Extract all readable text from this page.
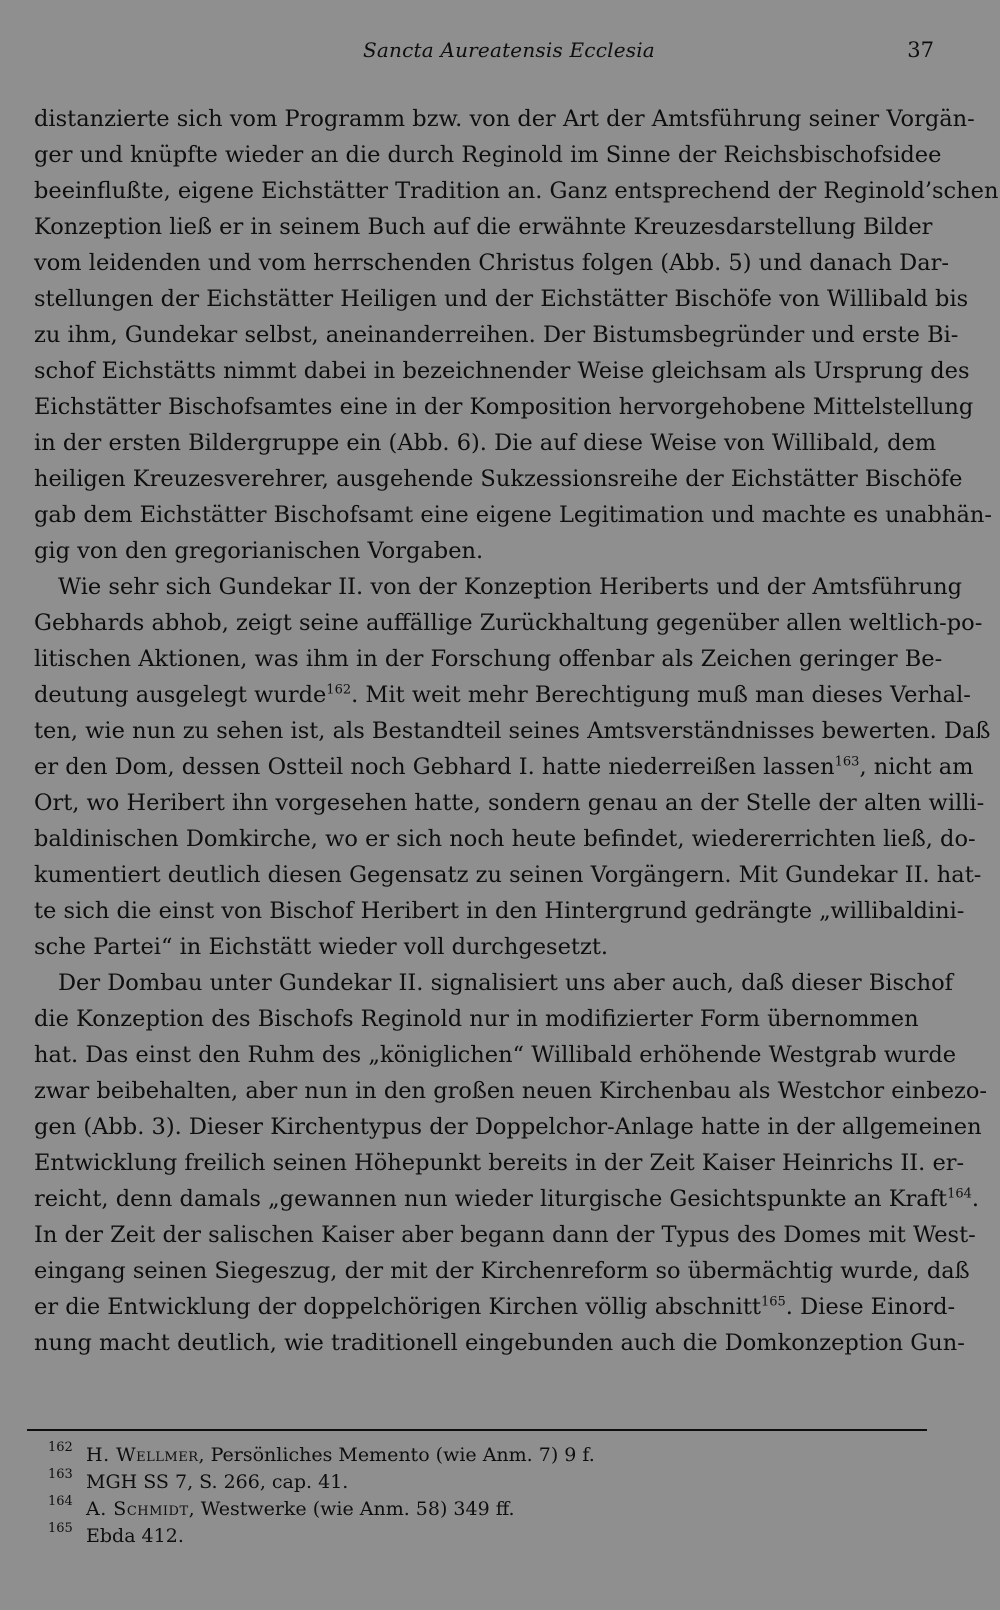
Sancta Aureatensis Ecclesia	37
distanzierte sich vom Programm bzw. von der Art der Amtsführung seiner Vorgän-
ger und knüpfte wieder an die durch Reginold im Sinne der Reichsbischofsidee
beeinflußte, eigene Eichstätter Tradition an. Ganz entsprechend der Reginold’schen
Konzeption ließ er in seinem Buch auf die erwähnte Kreuzesdarstellung Bilder
vom leidenden und vom herrschenden Christus folgen (Abb. 5) und danach Dar-
stellungen der Eichstätter Heiligen und der Eichstätter Bischöfe von Willibald bis
zu ihm, Gundekar selbst, aneinanderreihen. Der Bistumsbegründer und erste Bi-
schof Eichstätts nimmt dabei in bezeichnender Weise gleichsam als Ursprung des
Eichstätter Bischofsamtes eine in der Komposition hervorgehobene Mittelstellung
in der ersten Bildergruppe ein (Abb. 6). Die auf diese Weise von Willibald, dem
heiligen Kreuzesverehrer, ausgehende Sukzessionsreihe der Eichstätter Bischöfe
gab dem Eichstätter Bischofsamt eine eigene Legitimation und machte es unabhän-
gig von den gregorianischen Vorgaben.
Wie sehr sich Gundekar II. von der Konzeption Heriberts und der Amtsführung
Gebhards abhob, zeigt seine auffällige Zurückhaltung gegenüber allen weltlich-po-
litischen Aktionen, was ihm in der Forschung offenbar als Zeichen geringer Be-
deutung ausgelegt wurde$^{162}$. Mit weit mehr Berechtigung muß man dieses Verhal-
ten, wie nun zu sehen ist, als Bestandteil seines Amtsverständnisses bewerten. Daß
er den Dom, dessen Ostteil noch Gebhard I. hatte niederreißen lassen$^{163}$, nicht am
Ort, wo Heribert ihn vorgesehen hatte, sondern genau an der Stelle der alten willi-
baldinischen Domkirche, wo er sich noch heute befindet, wiedererrichten ließ, do-
kumentiert deutlich diesen Gegensatz zu seinen Vorgängern. Mit Gundekar II. hat-
te sich die einst von Bischof Heribert in den Hintergrund gedrängte „willibaldini-
sche Partei“ in Eichstätt wieder voll durchgesetzt.
Der Dombau unter Gundekar II. signalisiert uns aber auch, daß dieser Bischof
die Konzeption des Bischofs Reginold nur in modifizierter Form übernommen
hat. Das einst den Ruhm des „königlichen“ Willibald erhöhende Westgrab wurde
zwar beibehalten, aber nun in den großen neuen Kirchenbau als Westchor einbezo-
gen (Abb. 3). Dieser Kirchentypus der Doppelchor-Anlage hatte in der allgemeinen
Entwicklung freilich seinen Höhepunkt bereits in der Zeit Kaiser Heinrichs II. er-
reicht, denn damals „gewannen nun wieder liturgische Gesichtspunkte an Kraft$^{164}$.
In der Zeit der salischen Kaiser aber begann dann der Typus des Domes mit West-
eingang seinen Siegeszug, der mit der Kirchenreform so übermächtig wurde, daß
er die Entwicklung der doppelchörigen Kirchen völlig abschnitt$^{165}$. Diese Einord-
nung macht deutlich, wie traditionell eingebunden auch die Domkonzeption Gun-
162 H. Wellmer, Persönliches Memento (wie Anm. 7) 9 f.
163 MGH SS 7, S. 266, cap. 41.
164 A. Schmidt, Westwerke (wie Anm. 58) 349 ff.
165 Ebda 412.
